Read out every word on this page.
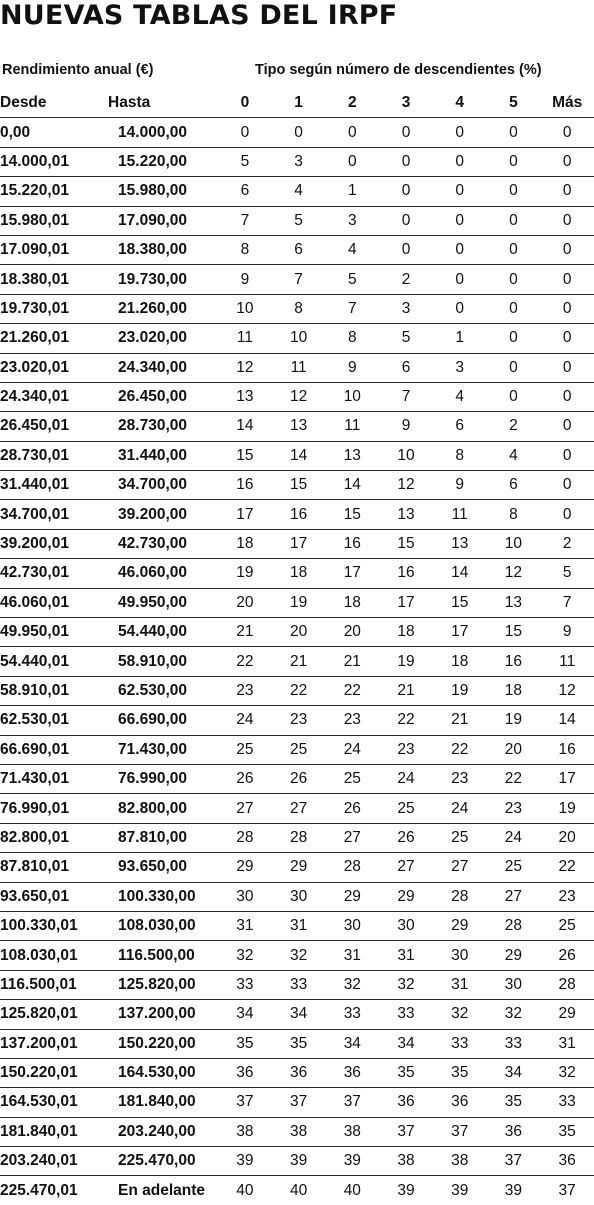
NUEVAS TABLAS DEL IRPF
Rendimiento anual (€)	Tipo según número de descendientes (%)
Desde	Hasta	0	1	2	3	4	5	Más
0,00	14.000,00	0	0	0	0	0	0	0
14.000,01	15.220,00	5	3	0	0	0	0	0
15.220,01	15.980,00	6	4	1	0	0	0	0
15.980,01	17.090,00	7	5	3	0	0	0	0
17.090,01	18.380,00	8	6	4	0	0	0	0
18.380,01	19.730,00	9	7	5	2	0	0	0
19.730,01	21.260,00	10	8	7	3	0	0	0
21.260,01	23.020,00	11	10	8	5	1	0	0
23.020,01	24.340,00	12	11	9	6	3	0	0
24.340,01	26.450,00	13	12	10	7	4	0	0
26.450,01	28.730,00	14	13	11	9	6	2	0
28.730,01	31.440,00	15	14	13	10	8	4	0
31.440,01	34.700,00	16	15	14	12	9	6	0
34.700,01	39.200,00	17	16	15	13	11	8	0
39.200,01	42.730,00	18	17	16	15	13	10	2
42.730,01	46.060,00	19	18	17	16	14	12	5
46.060,01	49.950,00	20	19	18	17	15	13	7
49.950,01	54.440,00	21	20	20	18	17	15	9
54.440,01	58.910,00	22	21	21	19	18	16	11
58.910,01	62.530,00	23	22	22	21	19	18	12
62.530,01	66.690,00	24	23	23	22	21	19	14
66.690,01	71.430,00	25	25	24	23	22	20	16
71.430,01	76.990,00	26	26	25	24	23	22	17
76.990,01	82.800,00	27	27	26	25	24	23	19
82.800,01	87.810,00	28	28	27	26	25	24	20
87.810,01	93.650,00	29	29	28	27	27	25	22
93.650,01	100.330,00	30	30	29	29	28	27	23
100.330,01	108.030,00	31	31	30	30	29	28	25
108.030,01	116.500,00	32	32	31	31	30	29	26
116.500,01	125.820,00	33	33	32	32	31	30	28
125.820,01	137.200,00	34	34	33	33	32	32	29
137.200,01	150.220,00	35	35	34	34	33	33	31
150.220,01	164.530,00	36	36	36	35	35	34	32
164.530,01	181.840,00	37	37	37	36	36	35	33
181.840,01	203.240,00	38	38	38	37	37	36	35
203.240,01	225.470,00	39	39	39	38	38	37	36
225.470,01	En adelante	40	40	40	39	39	39	37
